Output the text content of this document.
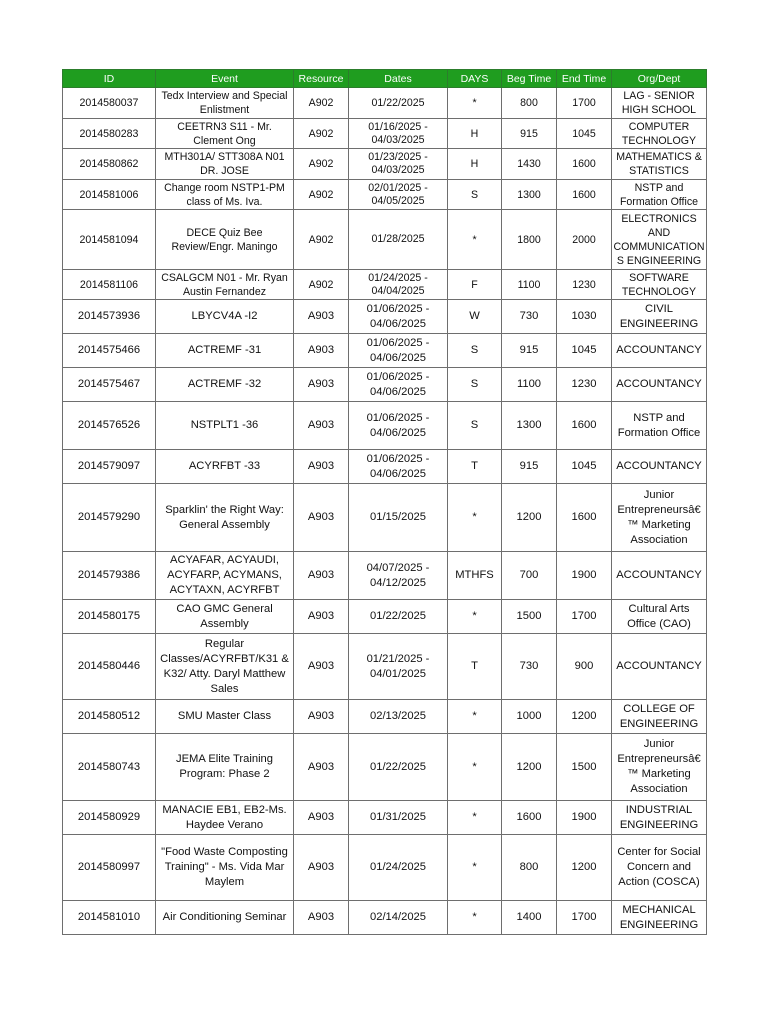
ID	Event	Resource	Dates	DAYS	Beg Time	End Time	Org/Dept
2014580037	Tedx Interview and Special Enlistment	A902	01/22/2025	*	800	1700	LAG - SENIOR HIGH SCHOOL
2014580283	CEETRN3 S11 - Mr. Clement Ong	A902	01/16/2025 - 04/03/2025	H	915	1045	COMPUTER TECHNOLOGY
2014580862	MTH301A/ STT308A N01 DR. JOSE	A902	01/23/2025 - 04/03/2025	H	1430	1600	MATHEMATICS & STATISTICS
2014581006	Change room NSTP1-PM class of Ms. Iva.	A902	02/01/2025 - 04/05/2025	S	1300	1600	NSTP and Formation Office
2014581094	DECE Quiz Bee Review/Engr. Maningo	A902	01/28/2025	*	1800	2000	ELECTRONICS AND COMMUNICATIONS ENGINEERING
2014581106	CSALGCM N01 - Mr. Ryan Austin Fernandez	A902	01/24/2025 - 04/04/2025	F	1100	1230	SOFTWARE TECHNOLOGY
2014573936	LBYCV4A -I2	A903	01/06/2025 - 04/06/2025	W	730	1030	CIVIL ENGINEERING
2014575466	ACTREMF -31	A903	01/06/2025 - 04/06/2025	S	915	1045	ACCOUNTANCY
2014575467	ACTREMF -32	A903	01/06/2025 - 04/06/2025	S	1100	1230	ACCOUNTANCY
2014576526	NSTPLT1 -36	A903	01/06/2025 - 04/06/2025	S	1300	1600	NSTP and Formation Office
2014579097	ACYRFBT -33	A903	01/06/2025 - 04/06/2025	T	915	1045	ACCOUNTANCY
2014579290	Sparklin' the Right Way: General Assembly	A903	01/15/2025	*	1200	1600	Junior Entrepreneursâ€™ Marketing Association
2014579386	ACYAFAR, ACYAUDI, ACYFARP, ACYMANS, ACYTAXN, ACYRFBT	A903	04/07/2025 - 04/12/2025	MTHFS	700	1900	ACCOUNTANCY
2014580175	CAO GMC General Assembly	A903	01/22/2025	*	1500	1700	Cultural Arts Office (CAO)
2014580446	Regular Classes/ACYRFBT/K31 & K32/ Atty. Daryl Matthew Sales	A903	01/21/2025 - 04/01/2025	T	730	900	ACCOUNTANCY
2014580512	SMU Master Class	A903	02/13/2025	*	1000	1200	COLLEGE OF ENGINEERING
2014580743	JEMA Elite Training Program: Phase 2	A903	01/22/2025	*	1200	1500	Junior Entrepreneursâ€™ Marketing Association
2014580929	MANACIE EB1, EB2-Ms. Haydee Verano	A903	01/31/2025	*	1600	1900	INDUSTRIAL ENGINEERING
2014580997	"Food Waste Composting Training" - Ms. Vida Mar Maylem	A903	01/24/2025	*	800	1200	Center for Social Concern and Action (COSCA)
2014581010	Air Conditioning Seminar	A903	02/14/2025	*	1400	1700	MECHANICAL ENGINEERING
